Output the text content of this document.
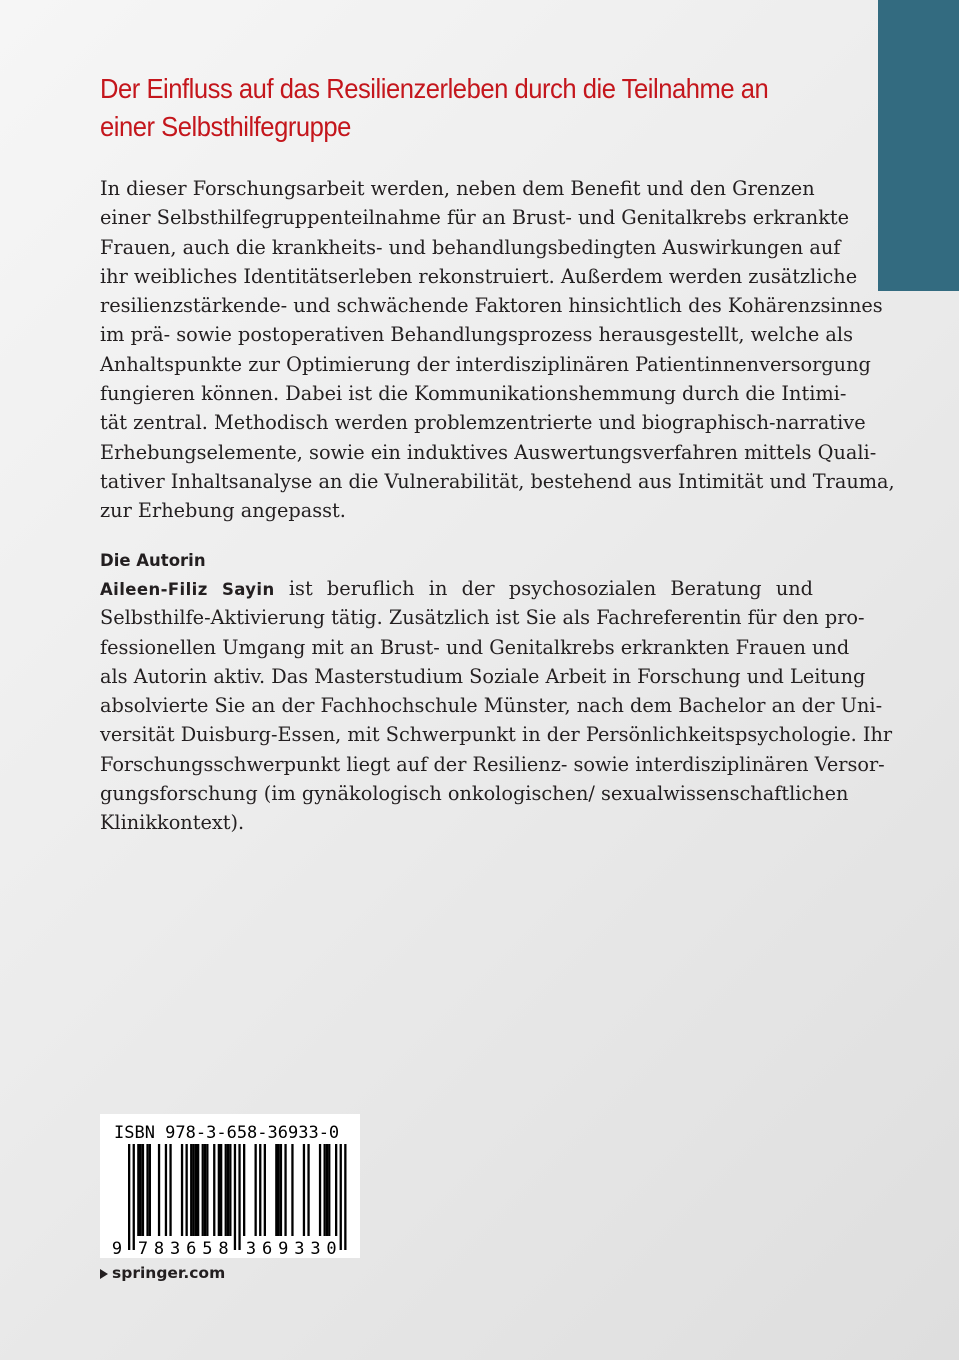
Der Einfluss auf das Resilienzerleben durch die Teilnahme an
einer Selbsthilfegruppe
In dieser Forschungsarbeit werden, neben dem Benefit und den Grenzen
einer Selbsthilfegruppenteilnahme für an Brust- und Genitalkrebs erkrankte
Frauen, auch die krankheits- und behandlungsbedingten Auswirkungen auf
ihr weibliches Identitätserleben rekonstruiert. Außerdem werden zusätzliche
resilienzstärkende- und schwächende Faktoren hinsichtlich des Kohärenzsinnes
im prä- sowie postoperativen Behandlungsprozess herausgestellt, welche als
Anhaltspunkte zur Optimierung der interdisziplinären Patientinnenversorgung
fungieren können. Dabei ist die Kommunikationshemmung durch die Intimi-
tät zentral. Methodisch werden problemzentrierte und biographisch-narrative
Erhebungselemente, sowie ein induktives Auswertungsverfahren mittels Quali-
tativer Inhaltsanalyse an die Vulnerabilität, bestehend aus Intimität und Trauma,
zur Erhebung angepasst.
Die Autorin
Aileen-Filiz Sayin ist beruflich in der psychosozialen Beratung und
Selbsthilfe-Aktivierung tätig. Zusätzlich ist Sie als Fachreferentin für den pro-
fessionellen Umgang mit an Brust- und Genitalkrebs erkrankten Frauen und
als Autorin aktiv. Das Masterstudium Soziale Arbeit in Forschung und Leitung
absolvierte Sie an der Fachhochschule Münster, nach dem Bachelor an der Uni-
versität Duisburg-Essen, mit Schwerpunkt in der Persönlichkeitspsychologie. Ihr
Forschungsschwerpunkt liegt auf der Resilienz- sowie interdisziplinären Versor-
gungsforschung (im gynäkologisch onkologischen/ sexualwissenschaftlichen
Klinikkontext).
ISBN 978-3-658-36933-0
9 7 8 3 6 5 8 3 6 9 3 3 0
springer.com
